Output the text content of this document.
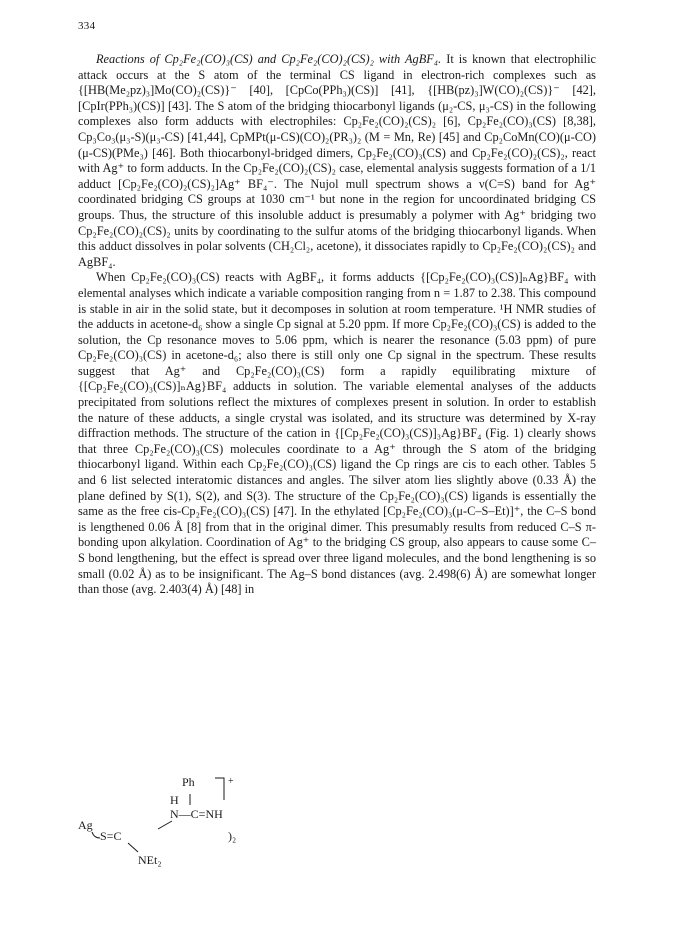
334

Reactions of Cp₂Fe₂(CO)₃(CS) and Cp₂Fe₂(CO)₂(CS)₂ with AgBF₄. It is known that electrophilic attack occurs at the S atom of the terminal CS ligand in electron-rich complexes such as {[HB(Me₂pz)₃]Mo(CO)₂(CS)}⁻ [40], [CpCo(PPh₃)(CS)] [41], {[HB(pz)₃]W(CO)₂(CS)}⁻ [42], [CpIr(PPh₃)(CS)] [43]. The S atom of the bridging thiocarbonyl ligands (μ₂-CS, μ₃-CS) in the following complexes also form adducts with electrophiles: Cp₂Fe₂(CO)₂(CS)₂ [6], Cp₂Fe₂(CO)₃(CS) [8,38], Cp₃Co₃(μ₃-S)(μ₃-CS) [41,44], CpMPt(μ-CS)(CO)₂(PR₃)₂ (M = Mn, Re) [45] and Cp₂CoMn(CO)(μ-CO)(μ-CS)(PMe₃) [46]. Both thiocarbonyl-bridged dimers, Cp₂Fe₂(CO)₃(CS) and Cp₂Fe₂(CO)₂(CS)₂, react with Ag⁺ to form adducts. In the Cp₂Fe₂(CO)₂(CS)₂ case, elemental analysis suggests formation of a 1/1 adduct [Cp₂Fe₂(CO)₂(CS)₂]Ag⁺ BF₄⁻. The Nujol mull spectrum shows a ν(C=S) band for Ag⁺ coordinated bridging CS groups at 1030 cm⁻¹ but none in the region for uncoordinated bridging CS groups. Thus, the structure of this insoluble adduct is presumably a polymer with Ag⁺ bridging two Cp₂Fe₂(CO)₂(CS)₂ units by coordinating to the sulfur atoms of the bridging thiocarbonyl ligands. When this adduct dissolves in polar solvents (CH₂Cl₂, acetone), it dissociates rapidly to Cp₂Fe₂(CO)₂(CS)₂ and AgBF₄.

When Cp₂Fe₂(CO)₃(CS) reacts with AgBF₄, it forms adducts {[Cp₂Fe₂(CO)₃(CS)]ₙAg}BF₄ with elemental analyses which indicate a variable composition ranging from n = 1.87 to 2.38. This compound is stable in air in the solid state, but it decomposes in solution at room temperature. ¹H NMR studies of the adducts in acetone-d₆ show a single Cp signal at 5.20 ppm. If more Cp₂Fe₂(CO)₃(CS) is added to the solution, the Cp resonance moves to 5.06 ppm, which is nearer the resonance (5.03 ppm) of pure Cp₂Fe₂(CO)₃(CS) in acetone-d₆; also there is still only one Cp signal in the spectrum. These results suggest that Ag⁺ and Cp₂Fe₂(CO)₃(CS) form a rapidly equilibrating mixture of {[Cp₂Fe₂(CO)₃(CS)]ₙAg}BF₄ adducts in solution. The variable elemental analyses of the adducts precipitated from solutions reflect the mixtures of complexes present in solution. In order to establish the nature of these adducts, a single crystal was isolated, and its structure was determined by X-ray diffraction methods. The structure of the cation in {[Cp₂Fe₂(CO)₃(CS)]₃Ag}BF₄ (Fig. 1) clearly shows that three Cp₂Fe₂(CO)₃(CS) molecules coordinate to a Ag⁺ through the S atom of the bridging thiocarbonyl ligand. Within each Cp₂Fe₂(CO)₃(CS) ligand the Cp rings are cis to each other. Tables 5 and 6 list selected interatomic distances and angles. The silver atom lies slightly above (0.33 Å) the plane defined by S(1), S(2), and S(3). The structure of the Cp₂Fe₂(CO)₃(CS) ligands is essentially the same as the free cis-Cp₂Fe₂(CO)₃(CS) [47]. In the ethylated [Cp₂Fe₂(CO)₃(μ-C–S–Et)]⁺, the C–S bond is lengthened 0.06 Å [8] from that in the original dimer. This presumably results from reduced C–S π-bonding upon alkylation. Coordination of Ag⁺ to the bridging CS group, also appears to cause some C–S bond lengthening, but the effect is spread over three ligand molecules, and the bond lengthening is so small (0.02 Å) as to be insignificant. The Ag–S bond distances (avg. 2.498(6) Å) are somewhat longer than those (avg. 2.403(4) Å) [48] in

Ph
H
N—C=NH
Ag
S=C
NEt₂
)₂
+
